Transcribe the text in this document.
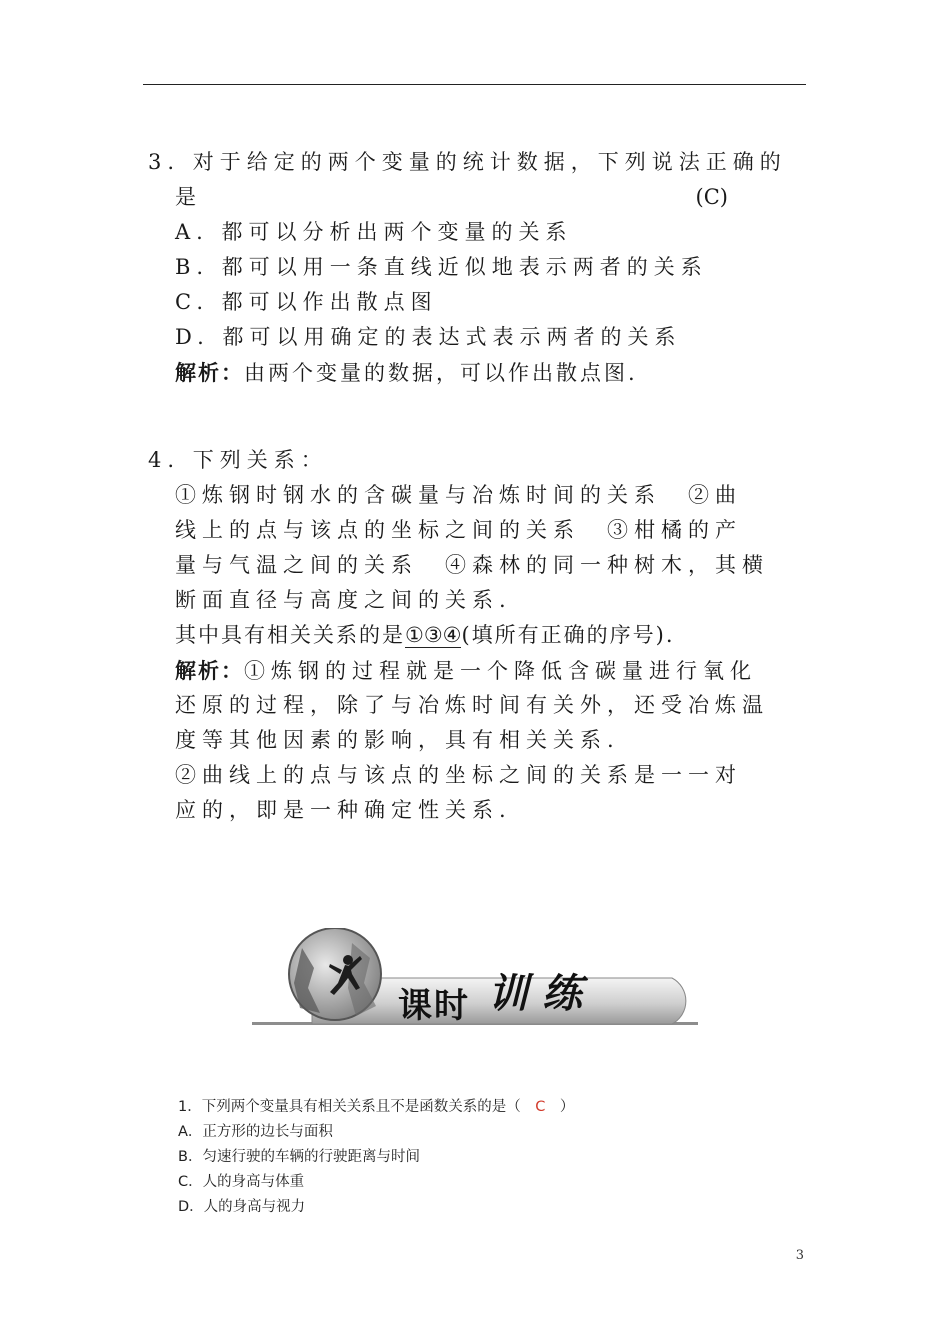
3. 对于给定的两个变量的统计数据，下列说法正确的
是	(C)
A. 都可以分析出两个变量的关系
B. 都可以用一条直线近似地表示两者的关系
C. 都可以作出散点图
D. 都可以用确定的表达式表示两者的关系
解析：由两个变量的数据，可以作出散点图.
4. 下列关系：
①炼钢时钢水的含碳量与冶炼时间的关系　②曲
线上的点与该点的坐标之间的关系　③柑橘的产
量与气温之间的关系　④森林的同一种树木，其横
断面直径与高度之间的关系.
其中具有相关关系的是①③④(填所有正确的序号).
解析：①炼钢的过程就是一个降低含碳量进行氧化
还原的过程，除了与冶炼时间有关外，还受冶炼温
度等其他因素的影响，具有相关关系.
②曲线上的点与该点的坐标之间的关系是一一对
应的，即是一种确定性关系.
课时 训练
1．下列两个变量具有相关关系且不是函数关系的是（　C　）
A．正方形的边长与面积
B．匀速行驶的车辆的行驶距离与时间
C．人的身高与体重
D．人的身高与视力
3
